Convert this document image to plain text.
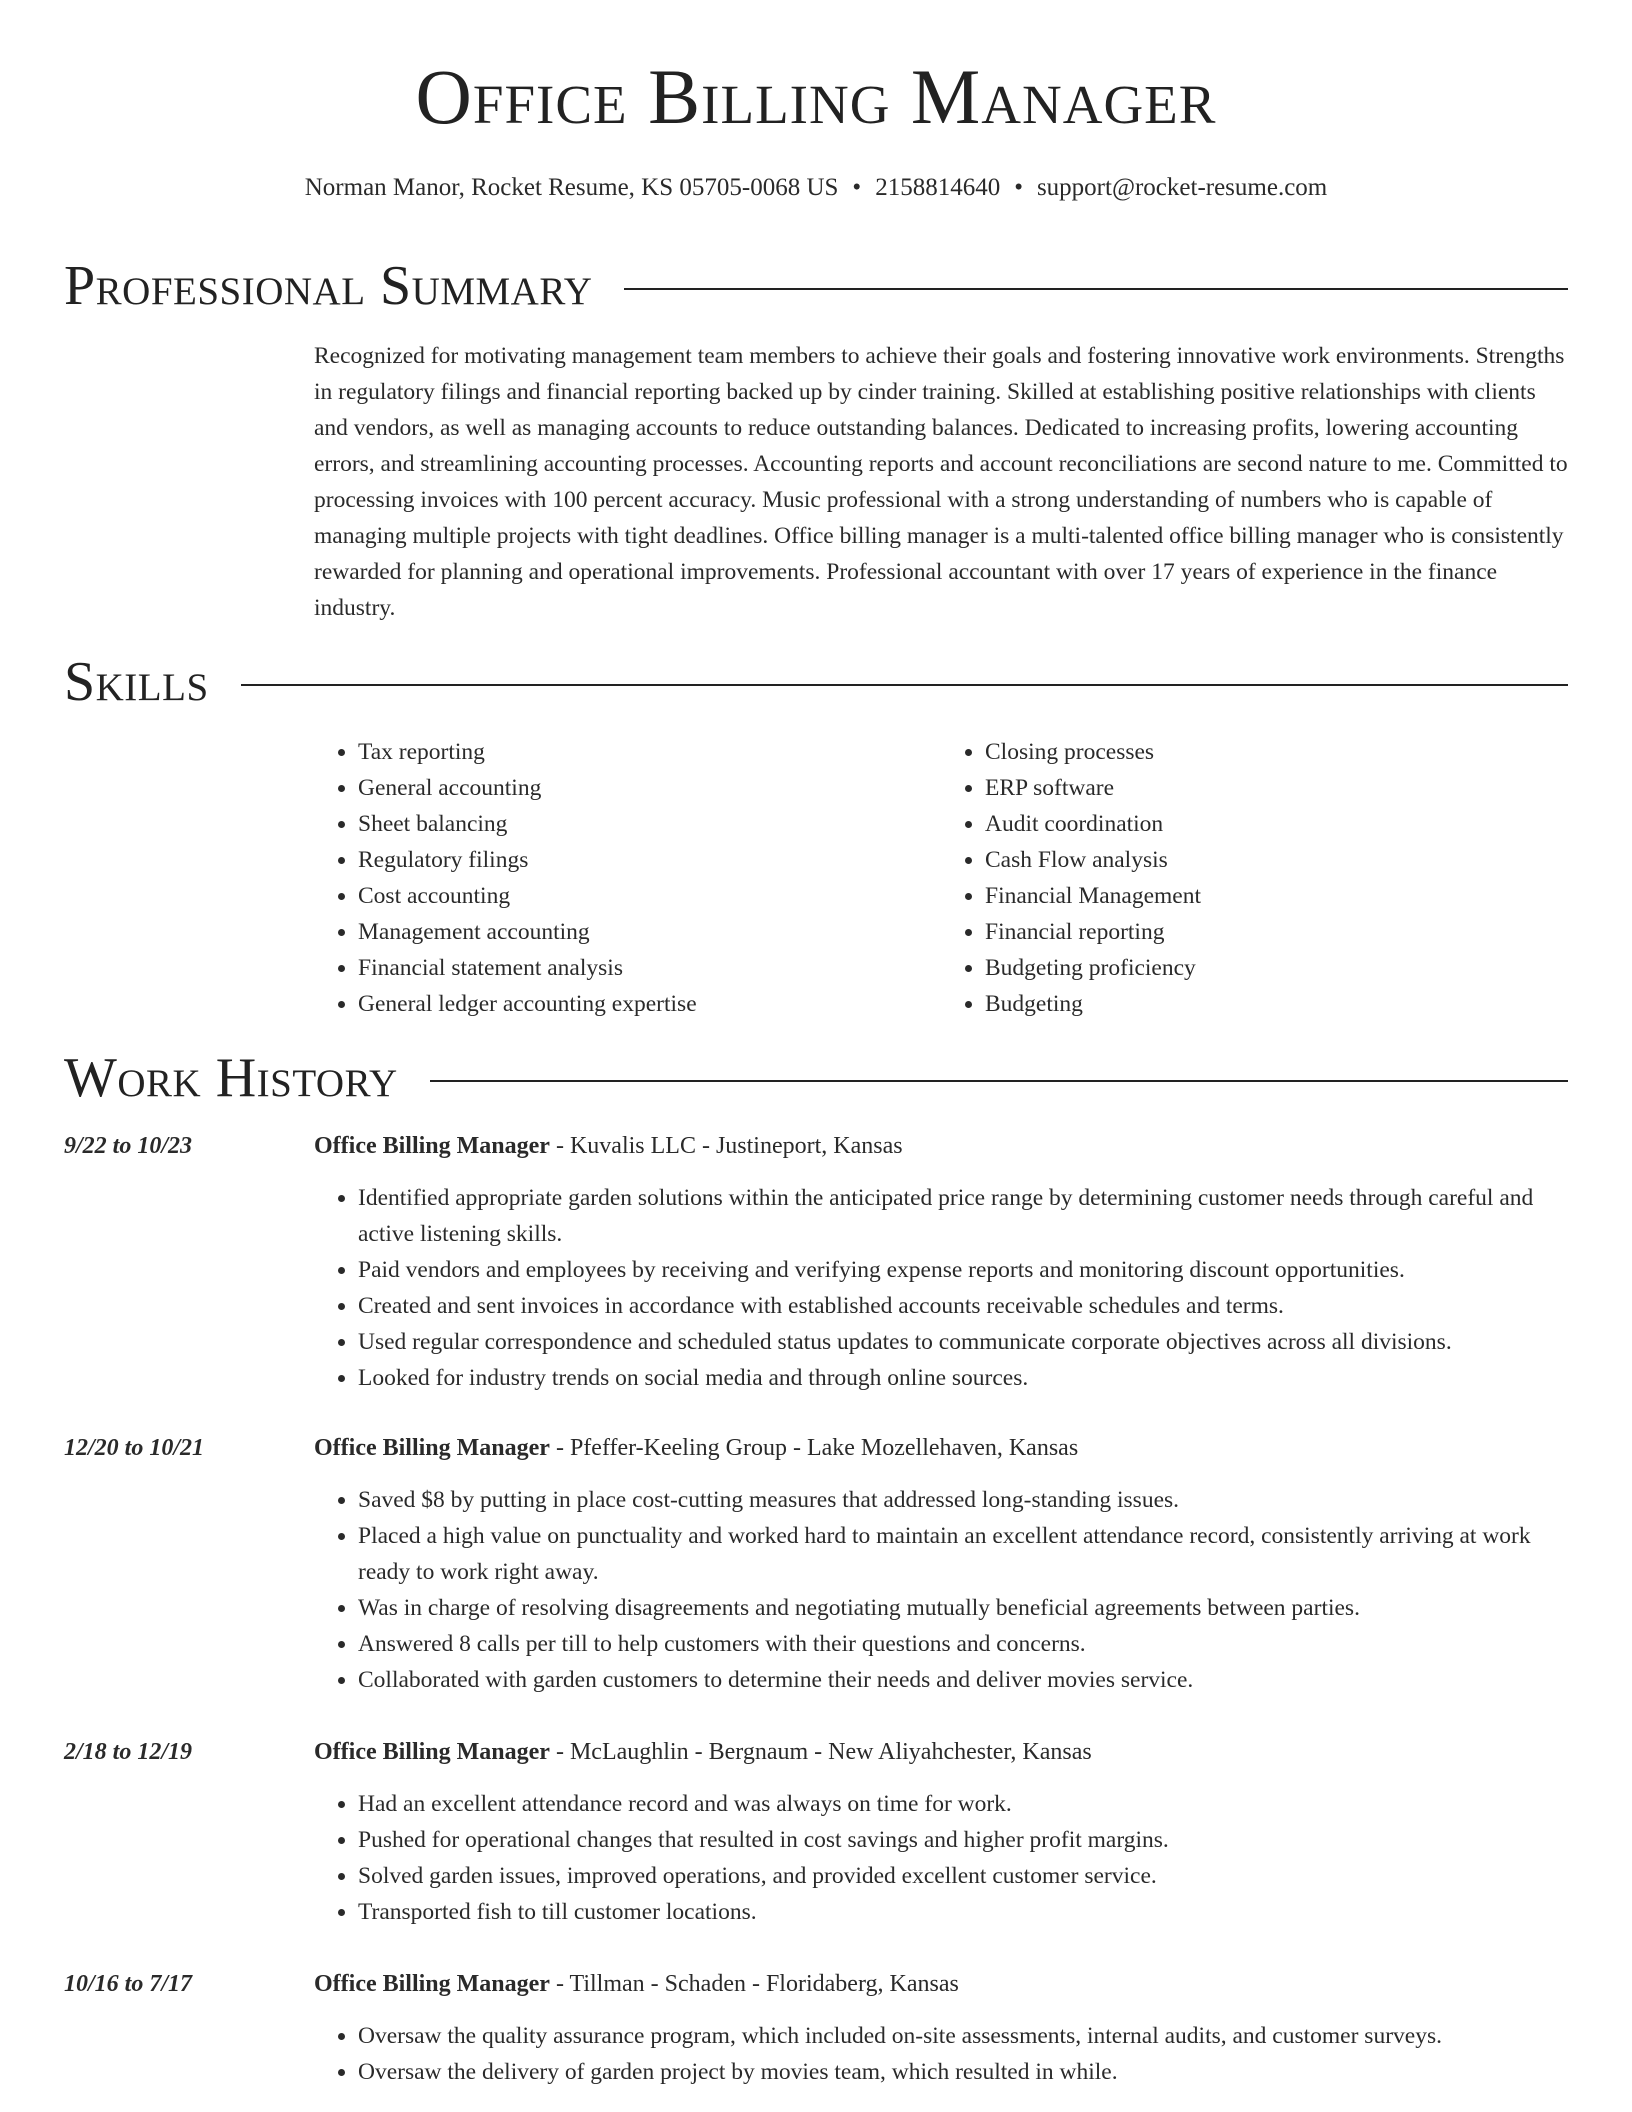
Office Billing Manager
Norman Manor, Rocket Resume, KS 05705-0068 US • 2158814640 • support@rocket-resume.com
Professional Summary
Recognized for motivating management team members to achieve their goals and fostering innovative work environments. Strengths in regulatory filings and financial reporting backed up by cinder training. Skilled at establishing positive relationships with clients and vendors, as well as managing accounts to reduce outstanding balances. Dedicated to increasing profits, lowering accounting errors, and streamlining accounting processes. Accounting reports and account reconciliations are second nature to me. Committed to processing invoices with 100 percent accuracy. Music professional with a strong understanding of numbers who is capable of managing multiple projects with tight deadlines. Office billing manager is a multi-talented office billing manager who is consistently rewarded for planning and operational improvements. Professional accountant with over 17 years of experience in the finance industry.
Skills
• Tax reporting
• General accounting
• Sheet balancing
• Regulatory filings
• Cost accounting
• Management accounting
• Financial statement analysis
• General ledger accounting expertise
• Closing processes
• ERP software
• Audit coordination
• Cash Flow analysis
• Financial Management
• Financial reporting
• Budgeting proficiency
• Budgeting
Work History
9/22 to 10/23	Office Billing Manager - Kuvalis LLC - Justineport, Kansas
• Identified appropriate garden solutions within the anticipated price range by determining customer needs through careful and active listening skills.
• Paid vendors and employees by receiving and verifying expense reports and monitoring discount opportunities.
• Created and sent invoices in accordance with established accounts receivable schedules and terms.
• Used regular correspondence and scheduled status updates to communicate corporate objectives across all divisions.
• Looked for industry trends on social media and through online sources.
12/20 to 10/21	Office Billing Manager - Pfeffer-Keeling Group - Lake Mozellehaven, Kansas
• Saved $8 by putting in place cost-cutting measures that addressed long-standing issues.
• Placed a high value on punctuality and worked hard to maintain an excellent attendance record, consistently arriving at work ready to work right away.
• Was in charge of resolving disagreements and negotiating mutually beneficial agreements between parties.
• Answered 8 calls per till to help customers with their questions and concerns.
• Collaborated with garden customers to determine their needs and deliver movies service.
2/18 to 12/19	Office Billing Manager - McLaughlin - Bergnaum - New Aliyahchester, Kansas
• Had an excellent attendance record and was always on time for work.
• Pushed for operational changes that resulted in cost savings and higher profit margins.
• Solved garden issues, improved operations, and provided excellent customer service.
• Transported fish to till customer locations.
10/16 to 7/17	Office Billing Manager - Tillman - Schaden - Floridaberg, Kansas
• Oversaw the quality assurance program, which included on-site assessments, internal audits, and customer surveys.
• Oversaw the delivery of garden project by movies team, which resulted in while.
